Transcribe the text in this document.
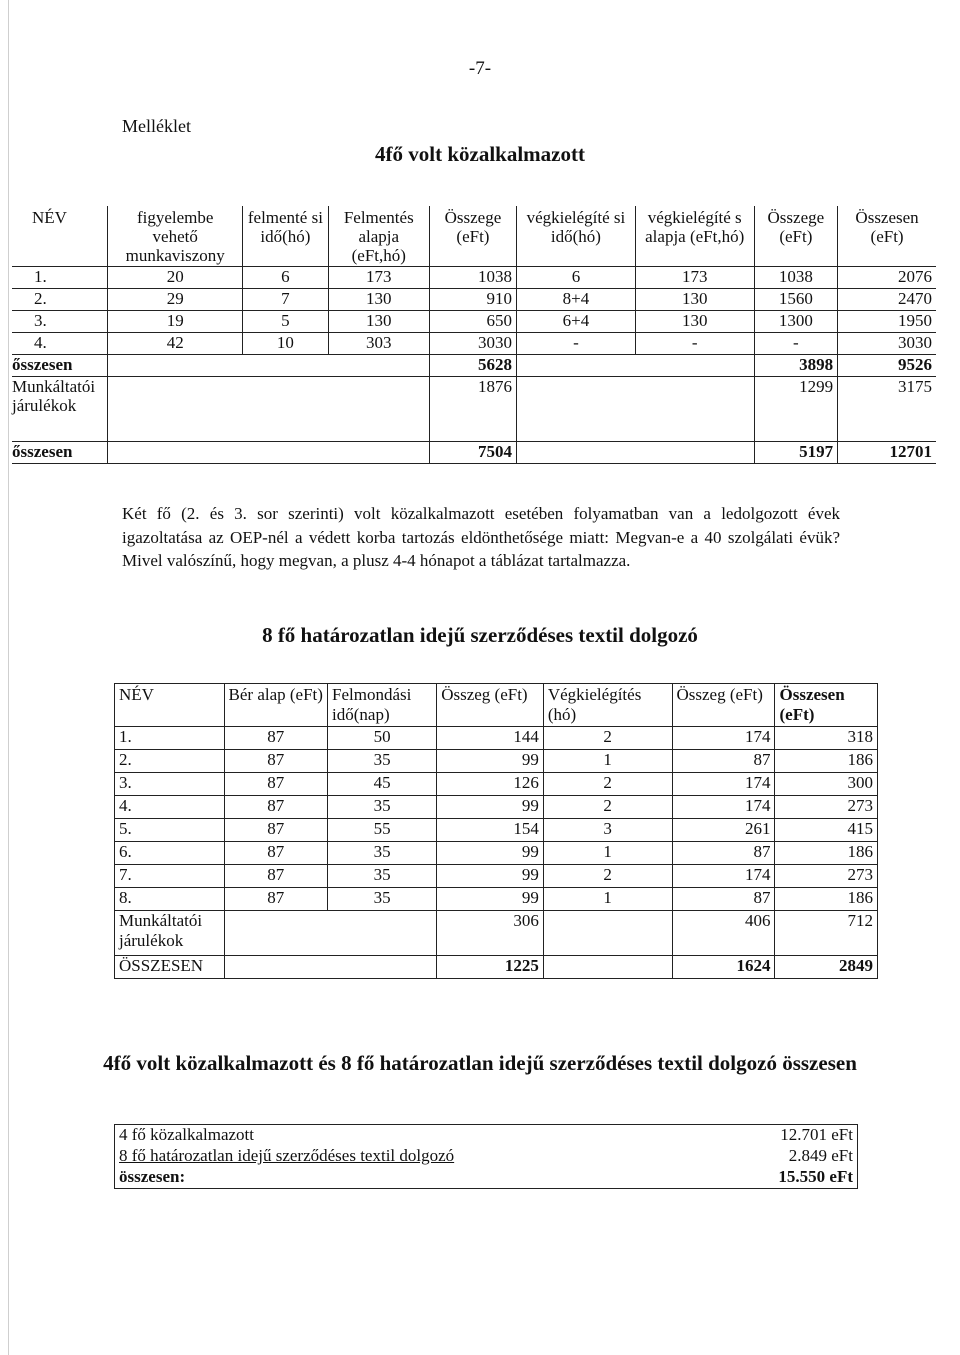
-7-
Melléklet
4fő volt közalkalmazott
NÉV	figyelembe vehető munkaviszony	felmenté si idő(hó)	Felmentés alapja (eFt,hó)	Összege (eFt)	végkielégíté si idő(hó)	végkielégíté s alapja (eFt,hó)	Összege (eFt)	Összesen (eFt)
1.	20	6	173	1038	6	173	1038	2076
2.	29	7	130	910	8+4	130	1560	2470
3.	19	5	130	650	6+4	130	1300	1950
4.	42	10	303	3030	-	-	-	3030
ősszesen				5628			3898	9526
Munkáltatói járulékok				1876			1299	3175
ősszesen				7504			5197	12701
Két fő (2. és 3. sor szerinti) volt közalkalmazott esetében folyamatban van a ledolgozott évek igazoltatása az OEP-nél a védett korba tartozás eldönthetősége miatt: Megvan-e a 40 szolgálati évük? Mivel valószínű, hogy megvan, a plusz 4-4 hónapot a táblázat tartalmazza.
8 fő határozatlan idejű szerződéses textil dolgozó
NÉV	Bér alap (eFt)	Felmondási idő(nap)	Összeg (eFt)	Végkielégítés (hó)	Összeg (eFt)	Összesen (eFt)
1.	87	50	144	2	174	318
2.	87	35	99	1	87	186
3.	87	45	126	2	174	300
4.	87	35	99	2	174	273
5.	87	55	154	3	261	415
6.	87	35	99	1	87	186
7.	87	35	99	2	174	273
8.	87	35	99	1	87	186
Munkáltatói járulékok			306		406	712
ÖSSZESEN			1225		1624	2849
4fő volt közalkalmazott és 8 fő határozatlan idejű szerződéses textil dolgozó összesen
4 fő közalkalmazott	12.701 eFt
8 fő határozatlan idejű szerződéses textil dolgozó	2.849 eFt
összesen:	15.550 eFt
